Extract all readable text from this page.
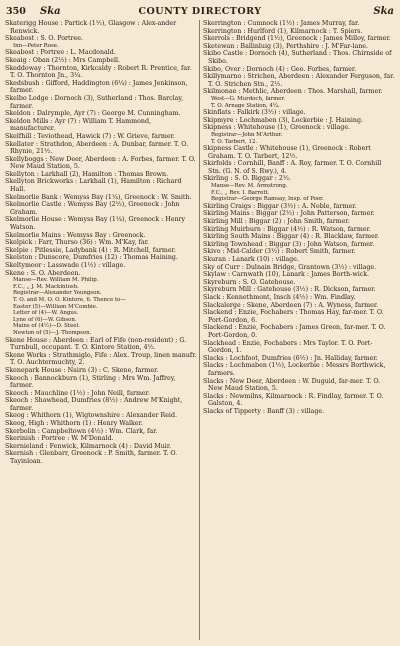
350 Ska	COUNTY DIRECTORY	Ska

Skaterigg House : Partick (1½), Glasgow : Alex-ander Renwick.

Skeabost : S. O. Portree.

Inn—Peter Rose.

Skeabost : Portree : L. Macdonald.

Skeaig : Oban (2½) : Mrs Campbell.

Skeddoway : Thornton, Kirkcaldy : Robert R. Prentice, far. T. O. Thornton Jn., 3¼.

Skedsbush : Gifford, Haddington (6¼) : James Jenkinson, farmer.

Skelbo Lodge : Dornoch (3), Sutherland : Thos. Barclay, farmer.

Skeldon : Dalrymple, Ayr (7) : George M. Cunningham.

Skeldon Mills : Ayr (7) : William T. Hammond, manufacturer.

Skelfhill : Teviothead, Hawick (7) : W. Grieve, farmer.

Skellater : Strathdon, Aberdeen : A. Dunbar, farmer. T. O. Rhynie, 21½.

Skellyboggs : New Deer, Aberdeen : A. Forbes, farmer. T. O. New Maud Station, 5.

Skellyton : Larkhall (2), Hamilton : Thomas Brown.

Skellyton Brickworks : Larkhall (1), Hamilton : Richard Hall.

Skelmorlie Bank : Wemyss Bay (1¼), Greenock : W. Smith.

Skelmorlie Castle : Wemyss Bay (2½), Greenock : John Graham.

Skelmorlie House : Wemyss Bay (1¼), Greenock : Henry Watson.

Skelmorlie Mains : Wemyss Bay : Greenock.

Skelpick : Farr, Thurso (36) : Wm. M'Kay, far.

Skelpie : Pitlessie, Ladybank (4) : R. Mitchell, farmer.

Skelston : Dunscore, Dumfries (12) : Thomas Haining.

Skeltymoor : Lasswade (1½) : village.

Skene : S. O. Aberdeen.

Manse—Rev. William M. Philip.

F.C., „ J. M. Mackintosh.

Registrar—Alexander Youngson.

T. O. and M. O. O. Kintore, 6. Thence to—

Easter (5)—William M'Combie.

Letter of (4)—W. Angus.

Lyne of (6)—W. Gibson.

Mains of (4½)—D. Steel.

Newton of (5)—J. Thompson.

Skene House : Aberdeen : Earl of Fife (non-resident) ; G. Turnbull, occupant. T. O. Kintore Station, 4½.

Skene Works : Strathmiglo, Fife : Alex. Troup, linen manufr. T. O. Auchtermuchty, 2.

Skenepark House : Nairn (3) : C. Skene, farmer.

Skeoch : Bannockburn (1), Stirling : Mrs Wm. Jaffrey, farmer.

Skeoch : Mauchline (1½) : John Neill, farmer.

Skeoch : Shawhead, Dumfries (8½) : Andrew M'Knight, farmer.

Skeog : Whithorn (1), Wigtownshire : Alexander Reid.

Skeog, High : Whithorn (1) : Henry Walker.

Skerbolin : Campbeltown (4½) : Wm. Clark, far.

Skerinish : Portree : W. M'Donald.

Skernieland : Fenwick, Kilmarnock (4) : David Muir.

Skernish : Glenbarr, Greenock : P. Smith, farmer. T. O. Tayinloan.

Skerrington : Cumnock (1½) : James Murray, far.

Skerrington : Hurlford (1), Kilmarnock : T. Spiers.

Skerrols : Bridgend (1½), Greenock : James Milloy, farmer.

Sketewan : Ballinluig (3), Perthshire : J. M'Far-lane.

Skibo Castle : Dornoch (4), Sutherland : Thos. Chirnside of Skibo.

Skibo, Over : Dornoch (4) : Geo. Forbes, farmer.

Skillymarno : Strichen, Aberdeen : Alexander Ferguson, far. T. O. Strichen Stn., 2½.

Skilmonae : Methlic, Aberdeen : Thos. Marshall, farmer.

West—G. Murdoch, farmer.

T. O. Arnage Station, 4¼.

Skinflats : Falkirk (3½) : village.

Skipmyre : Lochmaben (3), Lockerbie : J. Haining.

Skipness : Whitehouse (1), Greenock : village.

Registrar—John M'Arthur.

T. O. Tarbert, 12.

Skipness Castle : Whitehouse (1), Greenock : Robert Graham. T. O. Tarbert, 12½.

Skirfolds : Cornhill, Banff : A. Roy, farmer. T. O. Cornhill Stn. (G. N. of S. Rwy.), 4.

Skirling : S. O. Biggar : 2½.

Manse—Rev. M. Armstrong.

F.C., „ Rev. I. Barrett.

Registrar—George Ramsay, Insp. of Poor.

Skirling Craigs : Biggar (3½) : A. Noble, farmer.

Skirling Mains : Biggar (2½) : John Patterson, farmer.

Skirling Mill : Biggar (2) : John Smith, farmer.

Skirling Muirburn : Biggar (4½) : R. Watson, farmer.

Skirling South Mains : Biggar (4) : R. Blacklaw, farmer.

Skirling Townhead : Biggar (3) : John Watson, farmer.

Skivo : Mid-Calder (3½) : Robert Smith, farmer.

Skuran : Lanark (10) : village.

Sky of Curr : Dulnain Bridge, Grantown (3½) : village.

Skylaw : Carnwath (10), Lanark : James Borth-wick.

Skyreburn : S. O. Gatehouse.

Skyreburn Mill : Gatehouse (3½) : R. Dickson, farmer.

Slack : Kennethmont, Insch (4½) : Wm. Findlay.

Slackalerge : Skene, Aberdeen (7) : A. Wyness, farmer.

Slackend : Enzie, Fochabers : Thomas Hay, far-mer. T. O. Port-Gordon, 6.

Slackend : Enzie, Fochabers : James Green, far-mer. T. O. Port-Gordon, 0.

Slackhead : Enzie, Fochabers : Mrs Taylor. T. O. Port-Gordon, 1.

Slacks : Lochfoot, Dumfries (6½) : Jn. Halliday, farmer.

Slacks : Lochmaben (1½), Lockerbie : Messrs Borthwick, farmers.

Slacks : New Deer, Aberdeen : W. Duguid, far-mer. T. O. New Maud Station, 5.

Slacks : Newmilns, Kilmarnock : R. Findlay, farmer. T. O. Galston, 4.

Slacks of Tipperty : Banff (3) : village.
